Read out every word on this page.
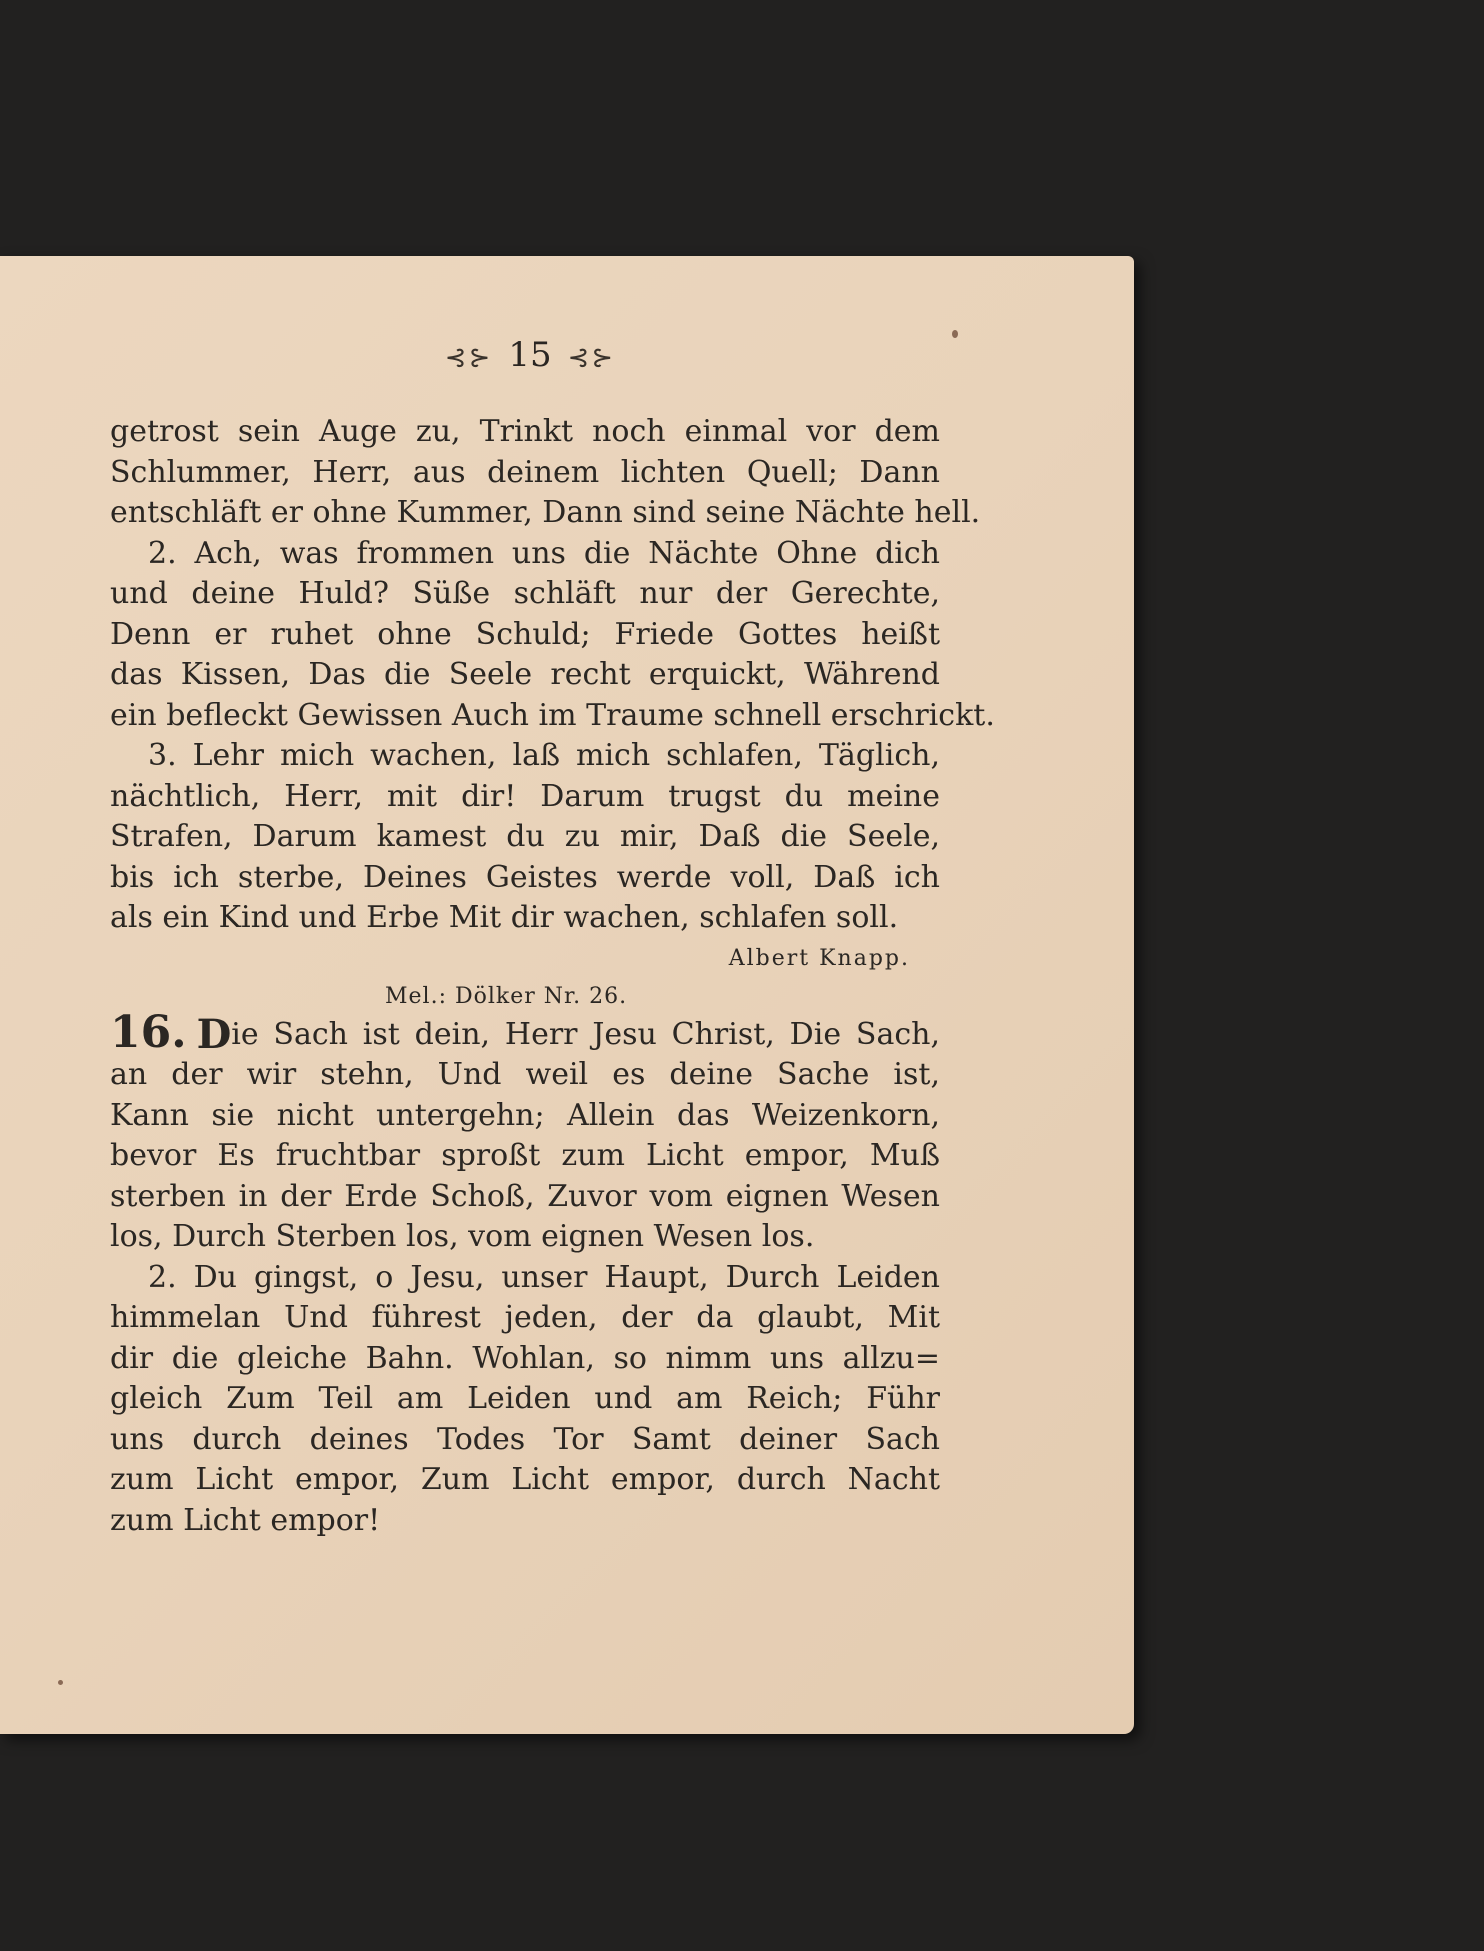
⊰⊱ 15 ⊰⊱
getrost sein Auge zu, Trinkt noch einmal vor dem
Schlummer, Herr, aus deinem lichten Quell; Dann
entschläft er ohne Kummer, Dann sind seine Nächte hell.
2. Ach, was frommen uns die Nächte Ohne dich
und deine Huld? Süße schläft nur der Gerechte,
Denn er ruhet ohne Schuld; Friede Gottes heißt
das Kissen, Das die Seele recht erquickt, Während
ein befleckt Gewissen Auch im Traume schnell erschrickt.
3. Lehr mich wachen, laß mich schlafen, Täglich,
nächtlich, Herr, mit dir! Darum trugst du meine
Strafen, Darum kamest du zu mir, Daß die Seele,
bis ich sterbe, Deines Geistes werde voll, Daß ich
als ein Kind und Erbe Mit dir wachen, schlafen soll.
Albert Knapp.
Mel.: Dölker Nr. 26.
16. D ie Sach ist dein, Herr Jesu Christ, Die Sach,
an der wir stehn, Und weil es deine Sache ist,
Kann sie nicht untergehn; Allein das Weizenkorn,
bevor Es fruchtbar sproßt zum Licht empor, Muß
sterben in der Erde Schoß, Zuvor vom eignen Wesen
los, Durch Sterben los, vom eignen Wesen los.
2. Du gingst, o Jesu, unser Haupt, Durch Leiden
himmelan Und führest jeden, der da glaubt, Mit
dir die gleiche Bahn. Wohlan, so nimm uns allzu=
gleich Zum Teil am Leiden und am Reich; Führ
uns durch deines Todes Tor Samt deiner Sach
zum Licht empor, Zum Licht empor, durch Nacht
zum Licht empor!
